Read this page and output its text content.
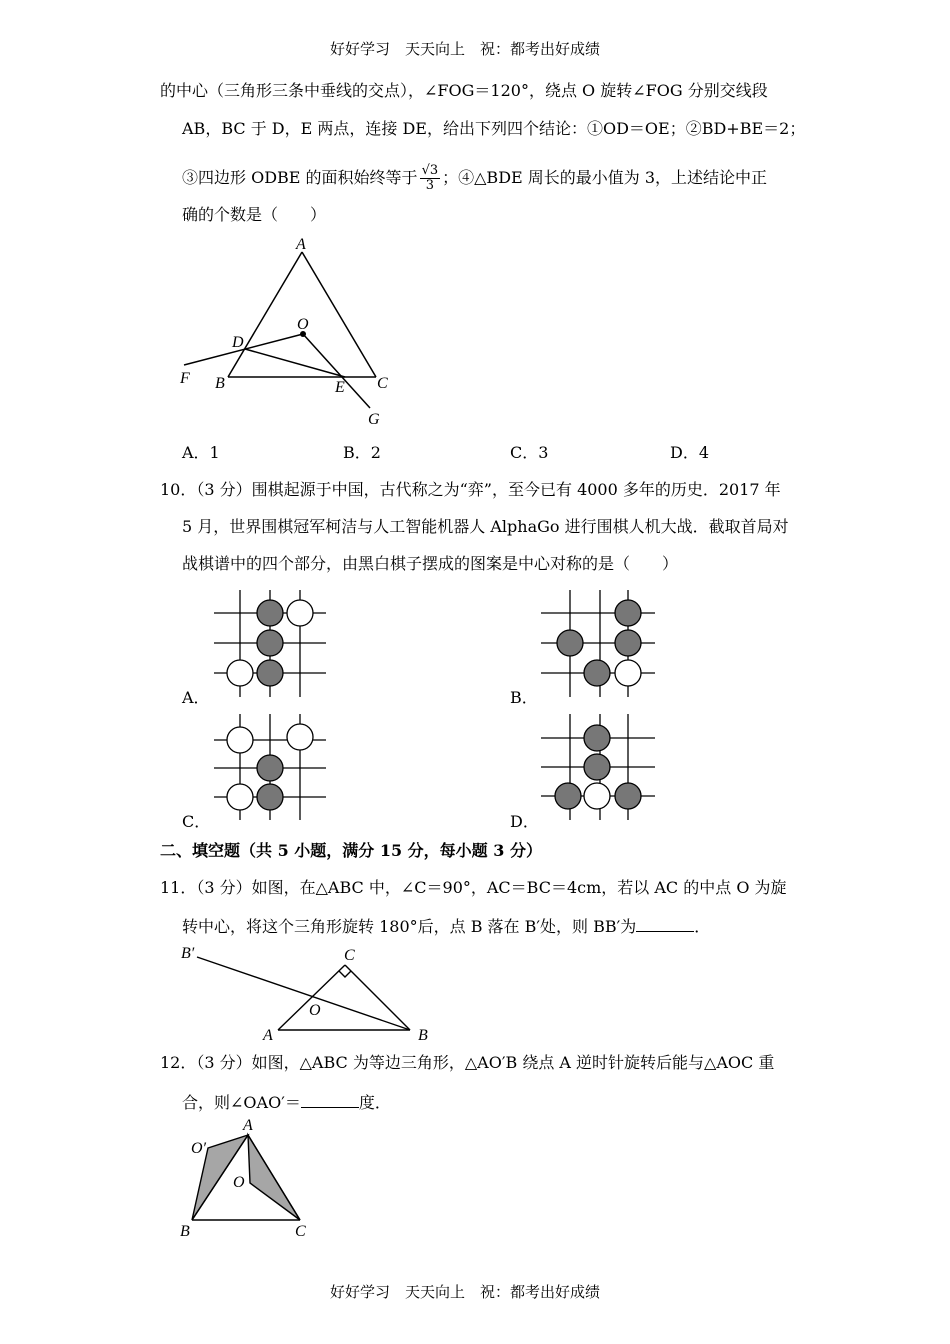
好好学习　天天向上　祝：都考出好成绩
的中心（三角形三条中垂线的交点），∠FOG＝120°，绕点 O 旋转∠FOG 分别交线段
AB，BC 于 D，E 两点，连接 DE，给出下列四个结论：①OD＝OE；②BD+BE＝2；
③四边形 ODBE 的面积始终等于 $\frac{√3}{3}$ ；④△BDE 周长的最小值为 3，上述结论中正
确的个数是（　　）
A
O
D
F B	E C
G
A．1	B．2	C．3	D．4
10．（3 分）围棋起源于中国，古代称之为“弈”，至今已有 4000 多年的历史．2017 年
5 月，世界围棋冠军柯洁与人工智能机器人 AlphaGo 进行围棋人机大战．截取首局对
战棋谱中的四个部分，由黑白棋子摆成的图案是中心对称的是（　　）
A．	B．
C．	D．
二、填空题（共 5 小题，满分 15 分，每小题 3 分）
11．（3 分）如图，在△ABC 中，∠C＝90°，AC＝BC＝4cm，若以 AC 的中点 O 为旋
转中心，将这个三角形旋转 180°后，点 B 落在 B′处，则 BB′为	．
B′	C
O
A	B
12．（3 分）如图，△ABC 为等边三角形，△AO′B 绕点 A 逆时针旋转后能与△AOC 重
合，则∠OAO′＝	度．
A
O′
O
B	C
好好学习　天天向上　祝：都考出好成绩
